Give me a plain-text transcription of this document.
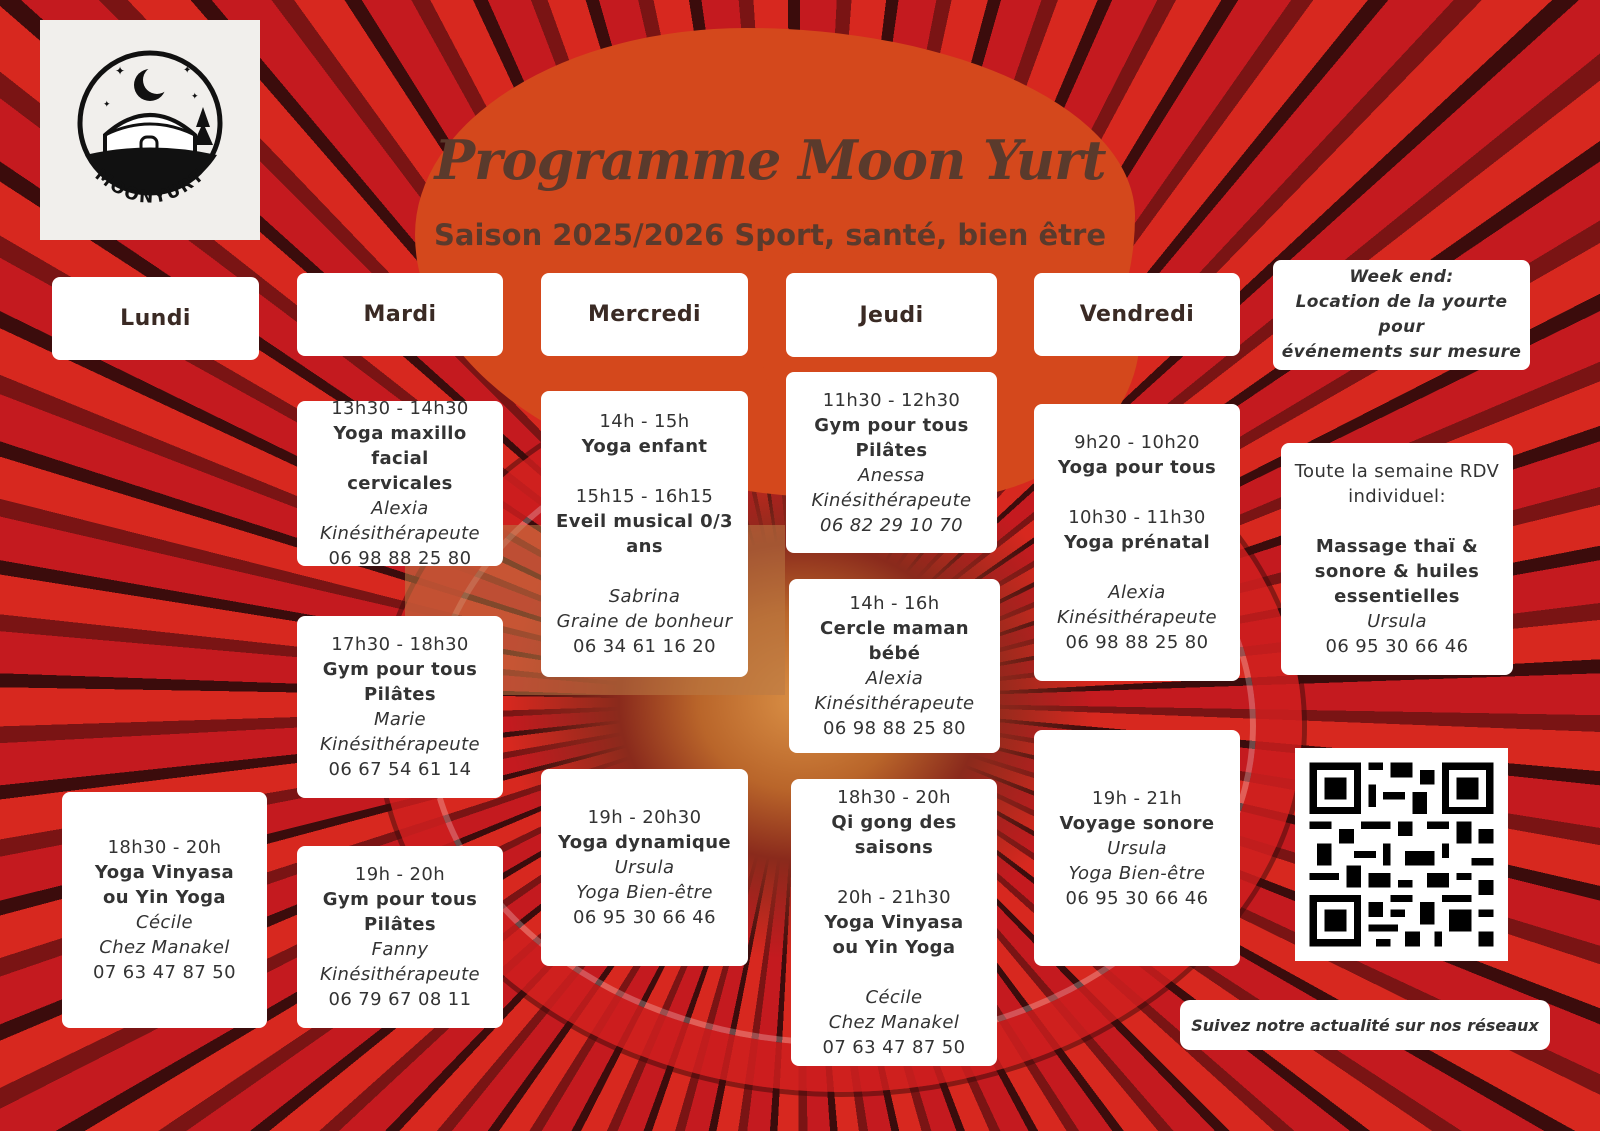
✦	✦
✦
✦
MOONYURT	Programme Moon Yurt
Saison 2025/2026 Sport, santé, bien être
Lundi	Mardi	Mercredi	Jeudi	Vendredi
Week end:
Location de la yourte pour
événements sur mesure
18h30 - 20h
Yoga Vinyasa
ou Yin Yoga
Cécile
Chez Manakel
07 63 47 87 50
13h30 - 14h30
Yoga maxillo facial
cervicales
Alexia
Kinésithérapeute
06 98 88 25 80
17h30 - 18h30
Gym pour tous
Pilâtes
Marie
Kinésithérapeute
06 67 54 61 14
19h - 20h
Gym pour tous
Pilâtes
Fanny
Kinésithérapeute
06 79 67 08 11
14h - 15h
Yoga enfant
15h15 - 16h15
Eveil musical 0/3
ans
Sabrina
Graine de bonheur
06 34 61 16 20
19h - 20h30
Yoga dynamique
Ursula
Yoga Bien-être
06 95 30 66 46
11h30 - 12h30
Gym pour tous Pilâtes
Anessa
Kinésithérapeute
06 82 29 10 70
14h - 16h
Cercle maman bébé
Alexia
Kinésithérapeute
06 98 88 25 80
18h30 - 20h
Qi gong des
saisons
20h - 21h30
Yoga Vinyasa
ou Yin Yoga
Cécile
Chez Manakel
07 63 47 87 50
9h20 - 10h20
Yoga pour tous
10h30 - 11h30
Yoga prénatal
Alexia
Kinésithérapeute
06 98 88 25 80
19h - 21h
Voyage sonore
Ursula
Yoga Bien-être
06 95 30 66 46
Toute la semaine RDV
individuel:
Massage thaï &
sonore & huiles
essentielles
Ursula
06 95 30 66 46
Suivez notre actualité sur nos réseaux
